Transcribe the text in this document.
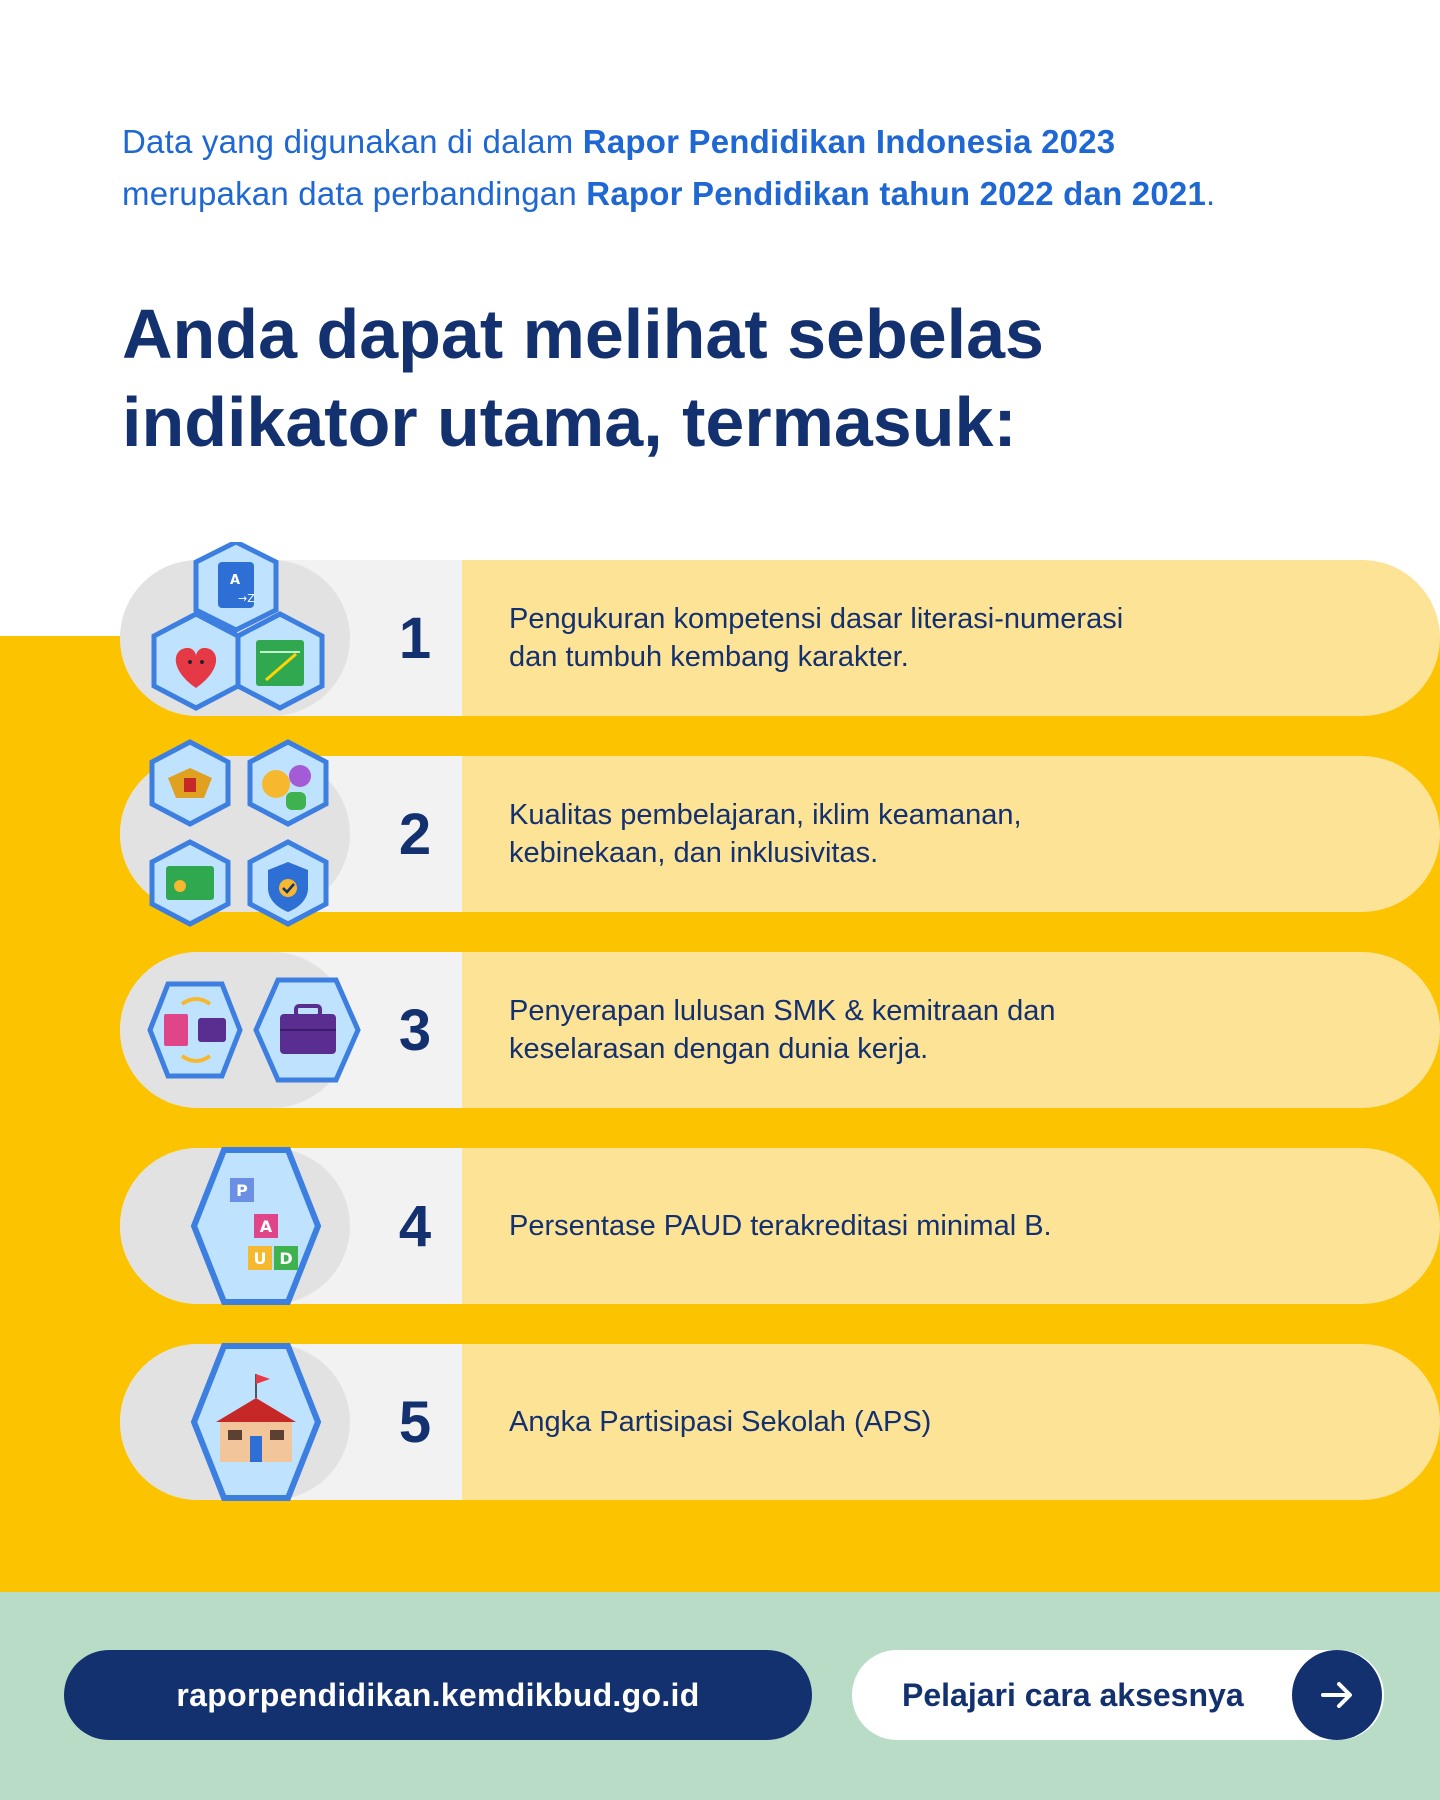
Data yang digunakan di dalam Rapor Pendidikan Indonesia 2023
merupakan data perbandingan Rapor Pendidikan tahun 2022 dan 2021.
Anda dapat melihat sebelas
indikator utama, termasuk:
A
→Z
1	Pengukuran kompetensi dasar literasi-numerasi
dan tumbuh kembang karakter.
2	Kualitas pembelajaran, iklim keamanan,
kebinekaan, dan inklusivitas.
3	Penyerapan lulusan SMK & kemitraan dan
keselarasan dengan dunia kerja.
P
A
U D	4	Persentase PAUD terakreditasi minimal B.
5	Angka Partisipasi Sekolah (APS)
raporpendidikan.kemdikbud.go.id	Pelajari cara aksesnya
